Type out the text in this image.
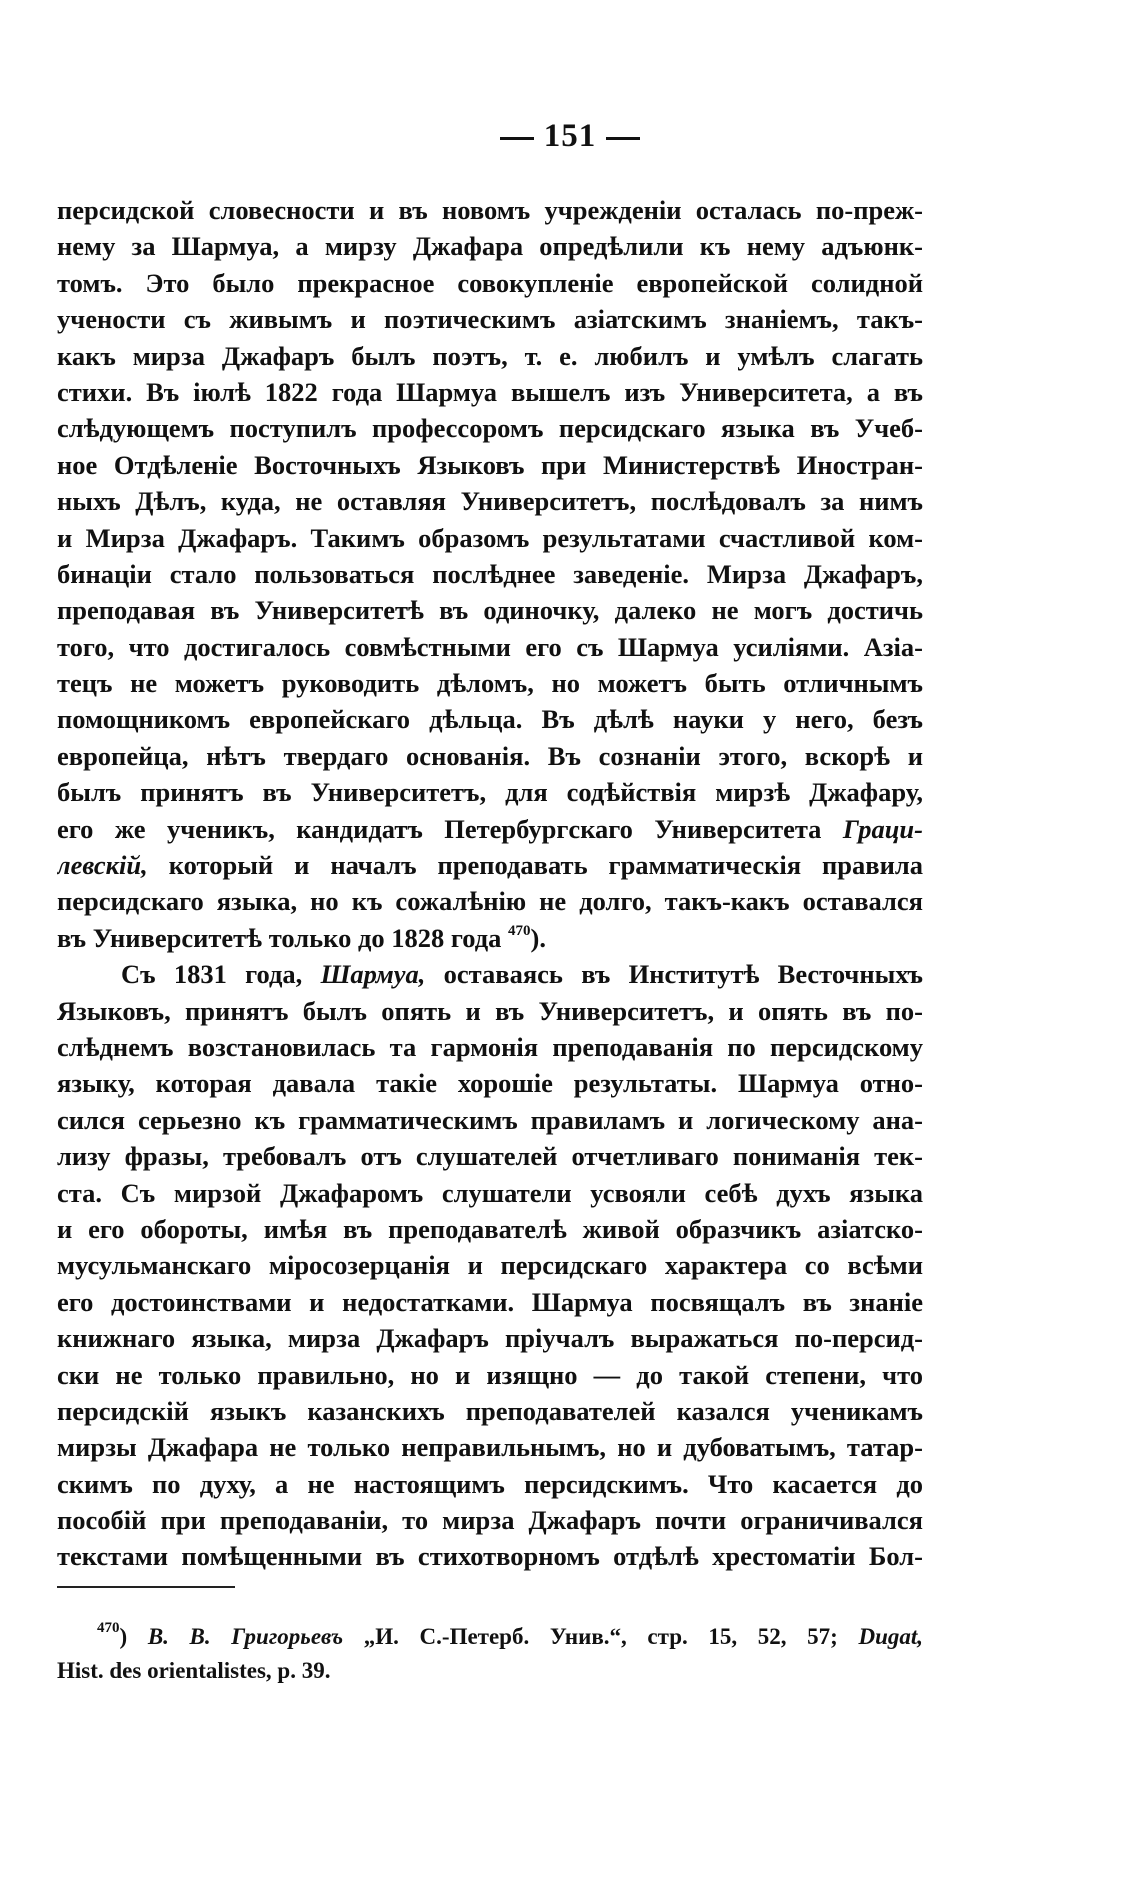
151
персидской словесности и въ новомъ учрежденіи осталась по-преж-
нему за Шармуа, а мирзу Джафара опредѣлили къ нему адъюнк-
томъ. Это было прекрасное совокупленіе европейской солидной
учености съ живымъ и поэтическимъ азіатскимъ знаніемъ, такъ-
какъ мирза Джафаръ былъ поэтъ, т. е. любилъ и умѣлъ слагать
стихи. Въ іюлѣ 1822 года Шармуа вышелъ изъ Университета, а въ
слѣдующемъ поступилъ профессоромъ персидскаго языка въ Учеб-
ное Отдѣленіе Восточныхъ Языковъ при Министерствѣ Иностран-
ныхъ Дѣлъ, куда, не оставляя Университетъ, послѣдовалъ за нимъ
и Мирза Джафаръ. Такимъ образомъ результатами счастливой ком-
бинаціи стало пользоваться послѣднее заведеніе. Мирза Джафаръ,
преподавая въ Университетѣ въ одиночку, далеко не могъ достичь
того, что достигалось совмѣстными его съ Шармуа усиліями. Азіа-
тецъ не можетъ руководить дѣломъ, но можетъ быть отличнымъ
помощникомъ европейскаго дѣльца. Въ дѣлѣ науки у него, безъ
европейца, нѣтъ твердаго основанія. Въ сознаніи этого, вскорѣ и
былъ принятъ въ Университетъ, для содѣйствія мирзѣ Джафару,
его же ученикъ, кандидатъ Петербургскаго Университета Граци-
левскій, который и началъ преподавать грамматическія правила
персидскаго языка, но къ сожалѣнію не долго, такъ-какъ оставался
въ Университетѣ только до 1828 года $^{470}$).
Съ 1831 года, Шармуа, оставаясь въ Институтѣ Весточныхъ
Языковъ, принятъ былъ опять и въ Университетъ, и опять въ по-
слѣднемъ возстановилась та гармонія преподаванія по персидскому
языку, которая давала такіе хорошіе результаты. Шармуа отно-
сился серьезно къ грамматическимъ правиламъ и логическому ана-
лизу фразы, требовалъ отъ слушателей отчетливаго пониманія тек-
ста. Съ мирзой Джафаромъ слушатели усвояли себѣ духъ языка
и его обороты, имѣя въ преподавателѣ живой образчикъ азіатско-
мусульманскаго міросозерцанія и персидскаго характера со всѣми
его достоинствами и недостатками. Шармуа посвящалъ въ знаніе
книжнаго языка, мирза Джафаръ пріучалъ выражаться по-персид-
ски не только правильно, но и изящно — до такой степени, что
персидскій языкъ казанскихъ преподавателей казался ученикамъ
мирзы Джафара не только неправильнымъ, но и дубоватымъ, татар-
скимъ по духу, а не настоящимъ персидскимъ. Что касается до
пособій при преподаваніи, то мирза Джафаръ почти ограничивался
текстами помѣщенными въ стихотворномъ отдѣлѣ хрестоматіи Бол-
$^{470}$) В. В. Григорьевъ „И. С.-Петерб. Унив.“, стр. 15, 52, 57; Dugat,
Hist. des orientalistes, p. 39.
